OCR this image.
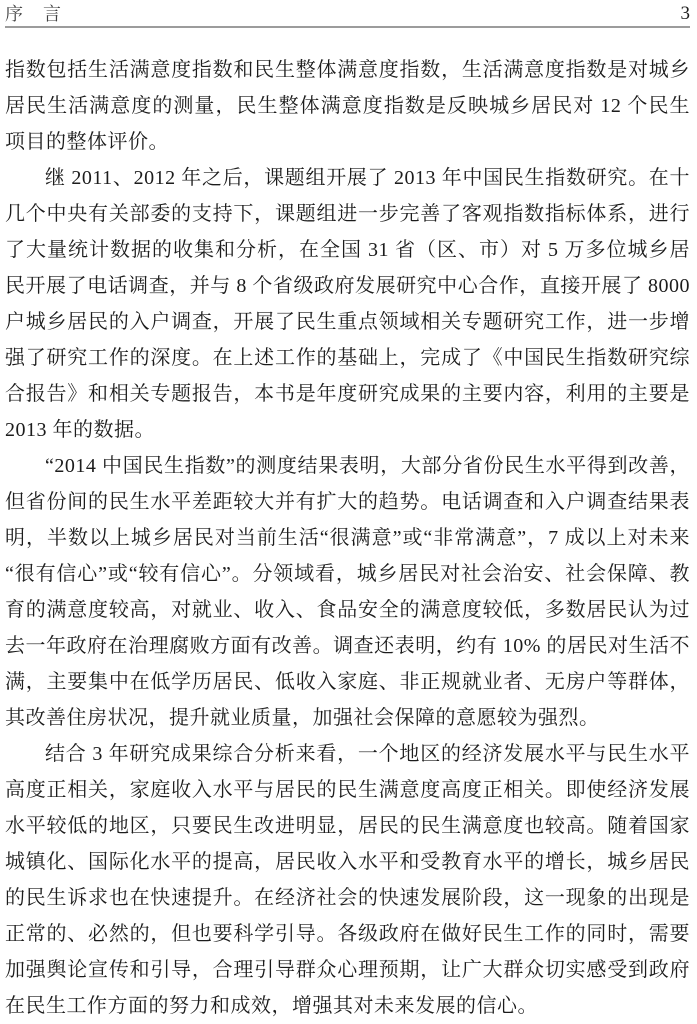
序　言	3

指数包括生活满意度指数和民生整体满意度指数，生活满意度指数是对城乡居民生活满意度的测量，民生整体满意度指数是反映城乡居民对 12 个民生项目的整体评价。

继 2011、2012 年之后，课题组开展了 2013 年中国民生指数研究。在十几个中央有关部委的支持下，课题组进一步完善了客观指数指标体系，进行了大量统计数据的收集和分析，在全国 31 省（区、市）对 5 万多位城乡居民开展了电话调查，并与 8 个省级政府发展研究中心合作，直接开展了 8000 户城乡居民的入户调查，开展了民生重点领域相关专题研究工作，进一步增强了研究工作的深度。在上述工作的基础上，完成了《中国民生指数研究综合报告》和相关专题报告，本书是年度研究成果的主要内容，利用的主要是 2013 年的数据。

“2014 中国民生指数”的测度结果表明，大部分省份民生水平得到改善，但省份间的民生水平差距较大并有扩大的趋势。电话调查和入户调查结果表明，半数以上城乡居民对当前生活“很满意”或“非常满意”，7 成以上对未来“很有信心”或“较有信心”。分领域看，城乡居民对社会治安、社会保障、教育的满意度较高，对就业、收入、食品安全的满意度较低，多数居民认为过去一年政府在治理腐败方面有改善。调查还表明，约有 10% 的居民对生活不满，主要集中在低学历居民、低收入家庭、非正规就业者、无房户等群体，其改善住房状况，提升就业质量，加强社会保障的意愿较为强烈。

结合 3 年研究成果综合分析来看，一个地区的经济发展水平与民生水平高度正相关，家庭收入水平与居民的民生满意度高度正相关。即使经济发展水平较低的地区，只要民生改进明显，居民的民生满意度也较高。随着国家城镇化、国际化水平的提高，居民收入水平和受教育水平的增长，城乡居民的民生诉求也在快速提升。在经济社会的快速发展阶段，这一现象的出现是正常的、必然的，但也要科学引导。各级政府在做好民生工作的同时，需要加强舆论宣传和引导，合理引导群众心理预期，让广大群众切实感受到政府在民生工作方面的努力和成效，增强其对未来发展的信心。
